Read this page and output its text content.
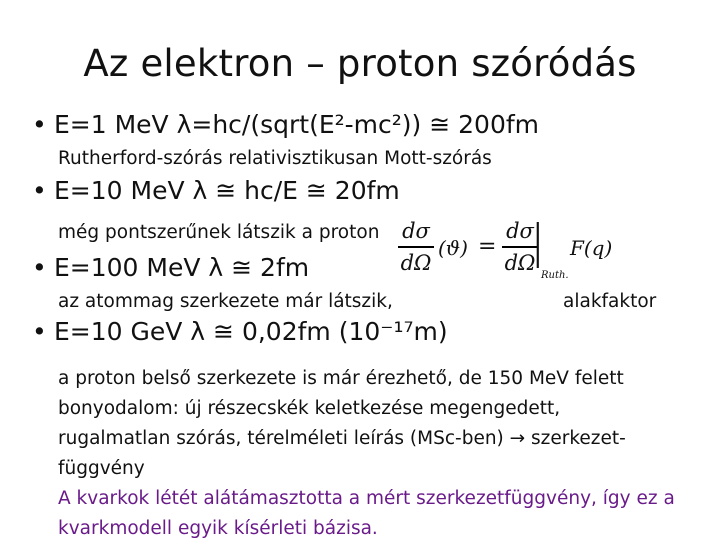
Az elektron – proton szóródás
• E=1 MeV λ=hc/(sqrt(E²-mc²)) ≅ 200fm
Rutherford-szórás relativisztikusan Mott-szórás
• E=10 MeV λ ≅ hc/E ≅ 20fm
még pontszerűnek látszik a proton
• E=100 MeV λ ≅ 2fm
az atommag szerkezete már látszik,
• E=10 GeV λ ≅ 0,02fm (10⁻¹⁷m)
dσ
dΩ
(ϑ) =
dσ
dΩ
|
Ruth.
F(q)
alakfaktor
a proton belső szerkezete is már érezhető, de 150 MeV felett bonyodalom: új részecskék keletkezése megengedett, rugalmatlan szórás, térelméleti leírás (MSc-ben) → szerkezet-függvény
A kvarkok létét alátámasztotta a mért szerkezetfüggvény, így ez a kvarkmodell egyik kísérleti bázisa.
